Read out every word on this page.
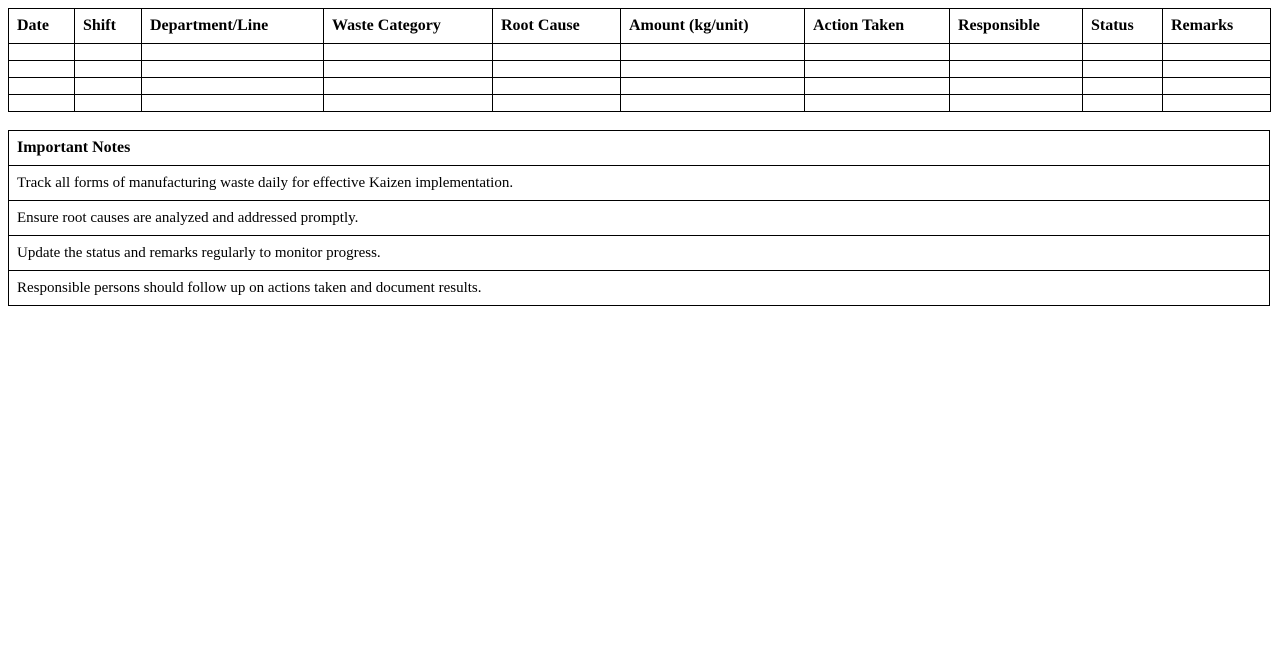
Date	Shift	Department/Line	Waste Category	Root Cause	Amount (kg/unit)	Action Taken	Responsible	Status	Remarks

Important Notes
Track all forms of manufacturing waste daily for effective Kaizen implementation.
Ensure root causes are analyzed and addressed promptly.
Update the status and remarks regularly to monitor progress.
Responsible persons should follow up on actions taken and document results.
